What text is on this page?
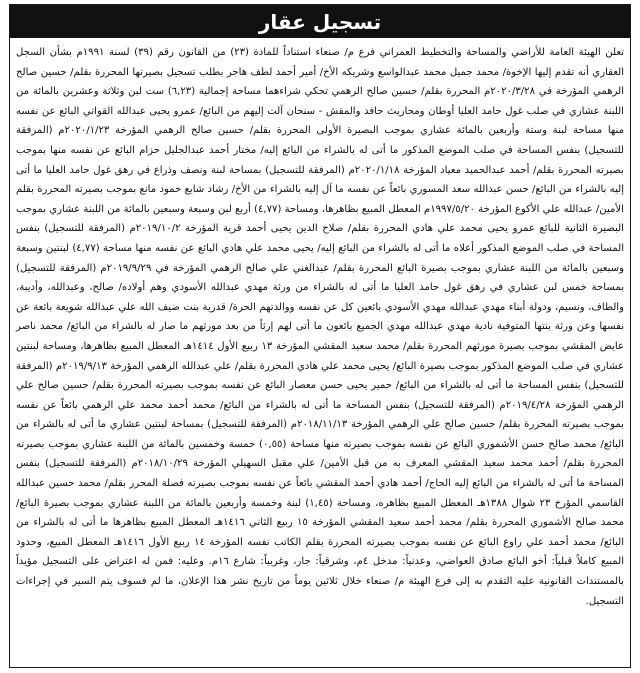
تسجيل عقار

تعلن الهيئة العامة للأراضي والمساحة والتخطيط العمراني فرع م/ صنعاء استناداً للمادة (٢٣) من القانون رقم (٣٩) لسنة ١٩٩١م بشأن السجل العقاري أنه تقدم إليها الإخوة/ محمد جميل محمد عبدالواسع وشريكه الأخ/ أمير أحمد لطف هاجر بطلب تسجيل بصيرتها المحررة بقلم/ حسين صالح الرهمي المؤرخة في ٢٠٢٠/٣/٢٨م المحررة بقلم/ حسين صالح الرهمي تحكي شراءهما مساحة إجمالية (٦,٢٣) ست لبن وثلاثة وعشرين بالمائة من اللبنة عشاري في صلب غول حامد العليا أوطان ومحاريث حافد والمقش - سنحان آلت إليهم من البائع/ عمرو يحيى عبدالله القواتي البائع عن نفسه منها مساحة لبنة وستة وأربعين بالمائة عشاري بموجب البصيرة الأولى المحررة بقلم/ حسين صالح الرهمي المؤرخة ٢٠٢٠/١/٢٣م (المرفقة للتسجيل) بنفس المساحة في صلب الموضع المذكور ما أتى له بالشراء من البائع إليه/ مختار أحمد عبدالجليل حزام البائع عن نفسه منها بموجب بصيرته المحررة بقلم/ أحمد عبدالحميد معياد المؤرخة ٢٠٢٠/١/١٨م (المرفقة للتسجيل) بمساحة لبنة ونصف وذراع في رهق غول حامد العليا ما أتى إليه بالشراء من البائع/ حسن عبدالله سعد المسوري بائعاً عن نفسه ما آل إليه بالشراء من الأخ/ رشاد شايع حمود مانع بموجب بصيرته المحررة بقلم الأمين/ عبدالله علي الأكوع المؤرخة ١٩٩٧/٥/٢٠م المعطل المبيع بظاهرها، ومساحة (٤,٧٧) أربع لبن وسبعة وسبعين بالمائة من اللبنة عشاري بموجب البصيرة الثانية للبائع عمرو يحيى محمد علي هادي المحررة بقلم/ صلاح الدين يحيى أحمد قرية المؤرخة ٢٠١٩/١٠/٢م (المرفقة للتسجيل) بنفس المساحة في صلب الموضع المذكور أعلاه ما أتى له بالشراء من البائع إليه/ يحيى محمد علي هادي البائع عن نفسه منها مساحة (٤,٧٧) لبنتين وسبعة وسبعين بالمائة من اللبنة عشاري بموجب بصيرة البائع المحررة بقلم/ عبدالغني علي صالح الرهمي المؤرخة في ٢٠١٩/٩/٢٩م (المرفقة للتسجيل) بمساحة خمس لبن عشاري في رهق غول حامد العليا ما أتى له بالشراء من ورثة مهدي عبدالله الأسودي وهم أولاده/ صالح، وعبدالله، وأديبة، والطاف، ونسيم، ودولة أبناء مهدي عبدالله مهدي الأسودي بائعين كل عن نفسه ووالدتهم الحرة/ قدرية بنت ضيف الله علي عبدالله شويعة بائعة عن نفسها وعن ورثة بنتها المتوفية نادية مهدي عبدالله مهدي الجميع بائعون ما أتى لهم إرثاً من بعد مورثهم ما صار له بالشراء من البائع/ محمد ناصر عايض المقشي بموجب بصيرة مورثهم المحررة بقلم/ محمد سعيد المقشي المؤرخة ١٣ ربيع الأول ١٤١٤هـ المعطل المبيع بظاهرها، ومساحة لبنتين عشاري في صلب الموضع المذكور بموجب بصيرة البائع/ يحيى محمد علي هادي المحررة بقلم/ علي عبدالله الرهمي المؤرخة ٢٠١٩/٩/١٣م (المرفقة للتسجيل) بنفس المساحة ما أتى له بالشراء من البائع/ حمير يحيى حسن معصار البائع عن نفسه بموجب بصيرته المحررة بقلم/ حسين صالح علي الرهمي المؤرخة ٢٠١٩/٤/٢٨م (المرفقة للتسجيل) بنفس المساحة ما أتى له بالشراء من البائع/ محمد أحمد محمد علي الرهمي بائعاً عن نفسه بموجب بصيرته المحررة بقلم/ حسين صالح علي الرهمي المؤرخة ٢٠١٨/١١/١٣م (المرفقة للتسجيل) بمساحة لبنتين عشاري ما أتى له بالشراء من البائع/ محمد صالح حسن الأشموري البائع عن نفسه بموجب بصيرته منها مساحة (٠,٥٥) خمسة وخمسين بالمائة من اللبنة عشاري بموجب بصيرته المحررة بقلم/ أحمد محمد سعيد المقشي المعرف به من قبل الأمين/ علي مقبل السهيلي المؤرخة ٢٠١٨/١٠/٢٩م (المرفقة للتسجيل) بنفس المساحة ما أتى له بالشراء من البائع إليه الحاج/ أحمد هادي أحمد المقشي بائعاً عن نفسه بموجب بصيرته فصلة المحرر بقلم/ محمد حسين عبدالله القاسمي المؤرخ ٢٣ شوال ١٣٨٨هـ المعطل المبيع بظاهره، ومساحة (١,٤٥) لبنة وخمسة وأربعين بالمائة من اللبنة عشاري بموجب بصيرة البائع/ محمد صالح الأشموري المحررة بقلم/ محمد أحمد سعيد المقشي المؤرخة ١٥ ربيع الثاني ١٤١٦هـ المعطل المبيع بظاهرها ما أتى له بالشراء من البائع/ محمد أحمد علي راوع البائع عن نفسه بموجب بصيرته المحررة بقلم الكاتب نفسه المؤرخة ١٤ ربيع الأول ١٤١٦هـ المعطل المبيع، وحدود المبيع كاملاً قبلياً: أخو البائع صادق العواضي، وعدنياً: مدخل ٤م، وشرقياً: جار، وغربياً: شارع ١٦م. وعليه: فمن له اعتراض على التسجيل مؤيداً بالمستندات القانونية عليه التقدم به إلى فرع الهيئة م/ صنعاء خلال ثلاثين يوماً من تاريخ نشر هذا الإعلان، ما لم فسوف يتم السير في إجراءات التسجيل.
